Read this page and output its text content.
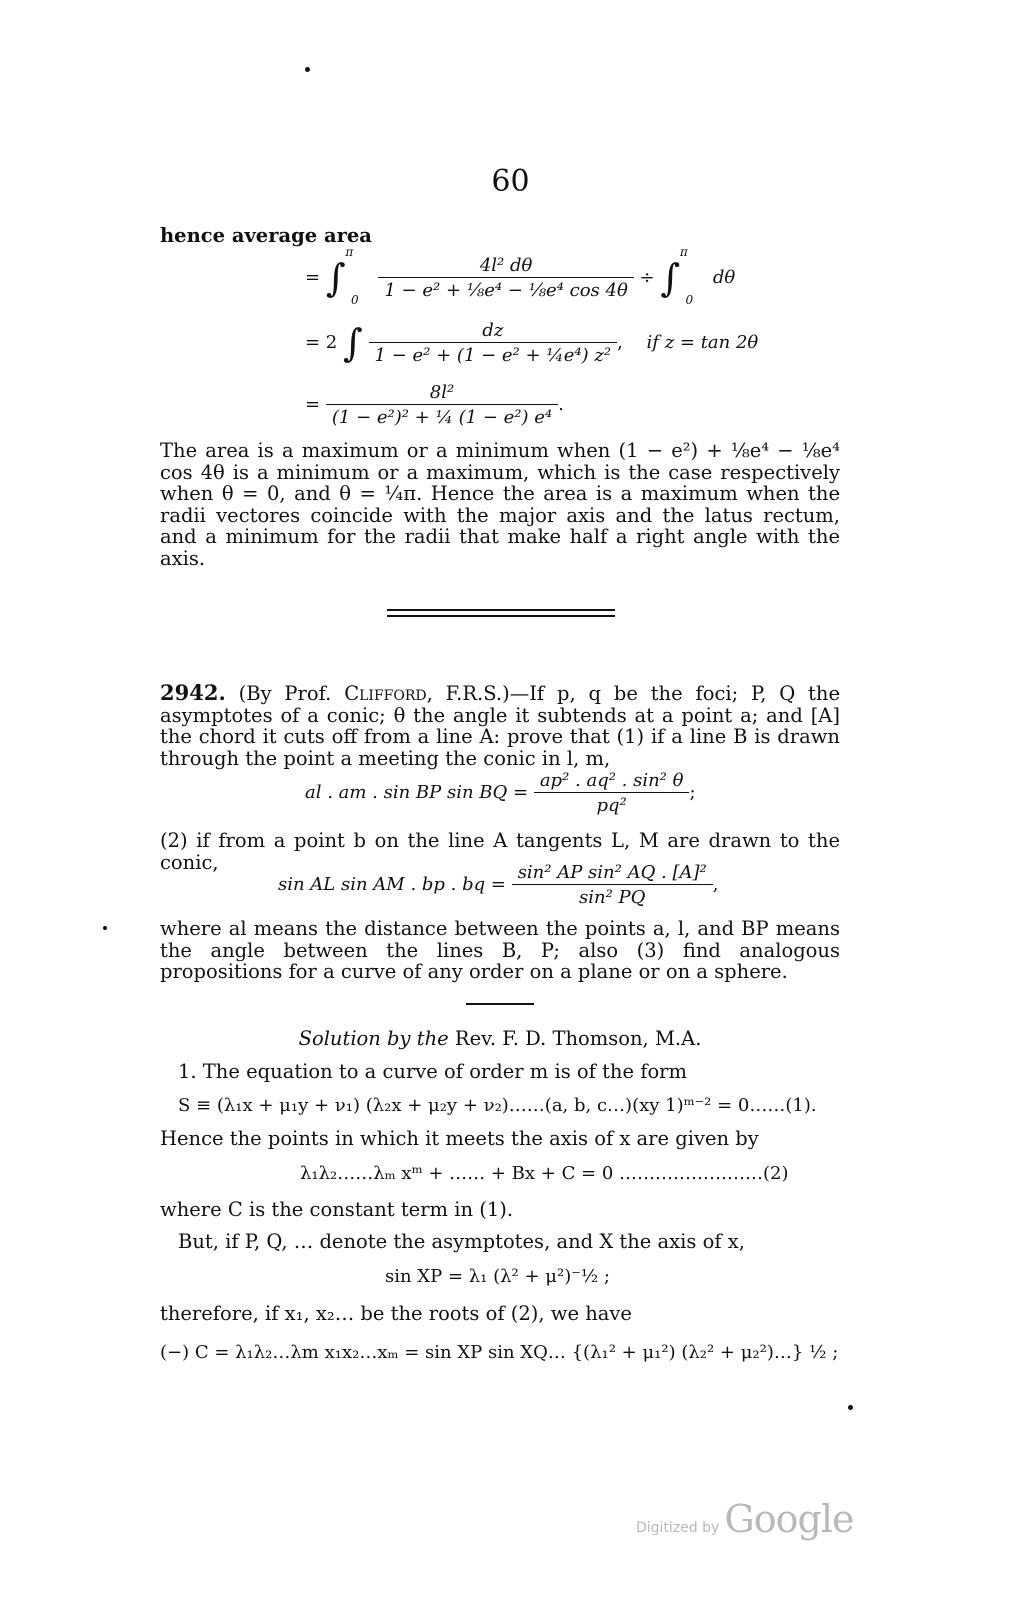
60
hence average area
= ∫ $^\pi$ $_0 \frac{\text{4l² dθ}}{\text{1 − e² + ⅛e⁴ − ⅛e⁴ cos 4θ}}$ ÷ ∫ $^\pi$ $_0$ dθ
= 2 ∫ $\frac{dz}{\text{1 − e² + (1 − e² + ¼e⁴) z²}}$ , if z = tan 2θ
= $\frac{\text{8l²}}{\text{(1 − e²)² + ¼ (1 − e²) e⁴}}$ .
The area is a maximum or a minimum when (1 − e²) + ⅛e⁴ − ⅛e⁴ cos 4θ is a minimum or a maximum, which is the case respectively when θ = 0, and θ = ¼π. Hence the area is a maximum when the radii vectores coincide with the major axis and the latus rectum, and a minimum for the radii that make half a right angle with the axis.
2942. (By Prof. Clifford, F.R.S.)—If p, q be the foci; P, Q the asymptotes of a conic; θ the angle it subtends at a point a; and [A] the chord it cuts off from a line A: prove that (1) if a line B is drawn through the point a meeting the conic in l, m,
al . am . sin BP sin BQ = $\frac{\text{ap² . aq² . sin² θ}}{\text{pq²}}$ ;
(2) if from a point b on the line A tangents L, M are drawn to the conic,
sin AL sin AM . bp . bq = $\frac{\text{sin² AP sin² AQ . [A]²}}{\text{sin² PQ}}$ ,
where al means the distance between the points a, l, and BP means the angle between the lines B, P; also (3) find analogous propositions for a curve of any order on a plane or on a sphere.
Solution by the Rev. F. D. Thomson, M.A.
1. The equation to a curve of order m is of the form
S ≡ (λ₁x + μ₁y + ν₁) (λ₂x + μ₂y + ν₂)……(a, b, c…)(xy 1)ᵐ⁻² = 0……(1).
Hence the points in which it meets the axis of x are given by
λ₁λ₂……λₘ xᵐ + …… + Bx + C = 0 ……………………(2)
where C is the constant term in (1).
But, if P, Q, … denote the asymptotes, and X the axis of x,
sin XP = λ₁ (λ² + μ²)⁻½ ;
therefore, if x₁, x₂… be the roots of (2), we have
(−) C = λ₁λ₂…λm x₁x₂…xₘ = sin XP sin XQ… {(λ₁² + μ₁²) (λ₂² + μ₂²)…} ½ ;
Digitized by Google
